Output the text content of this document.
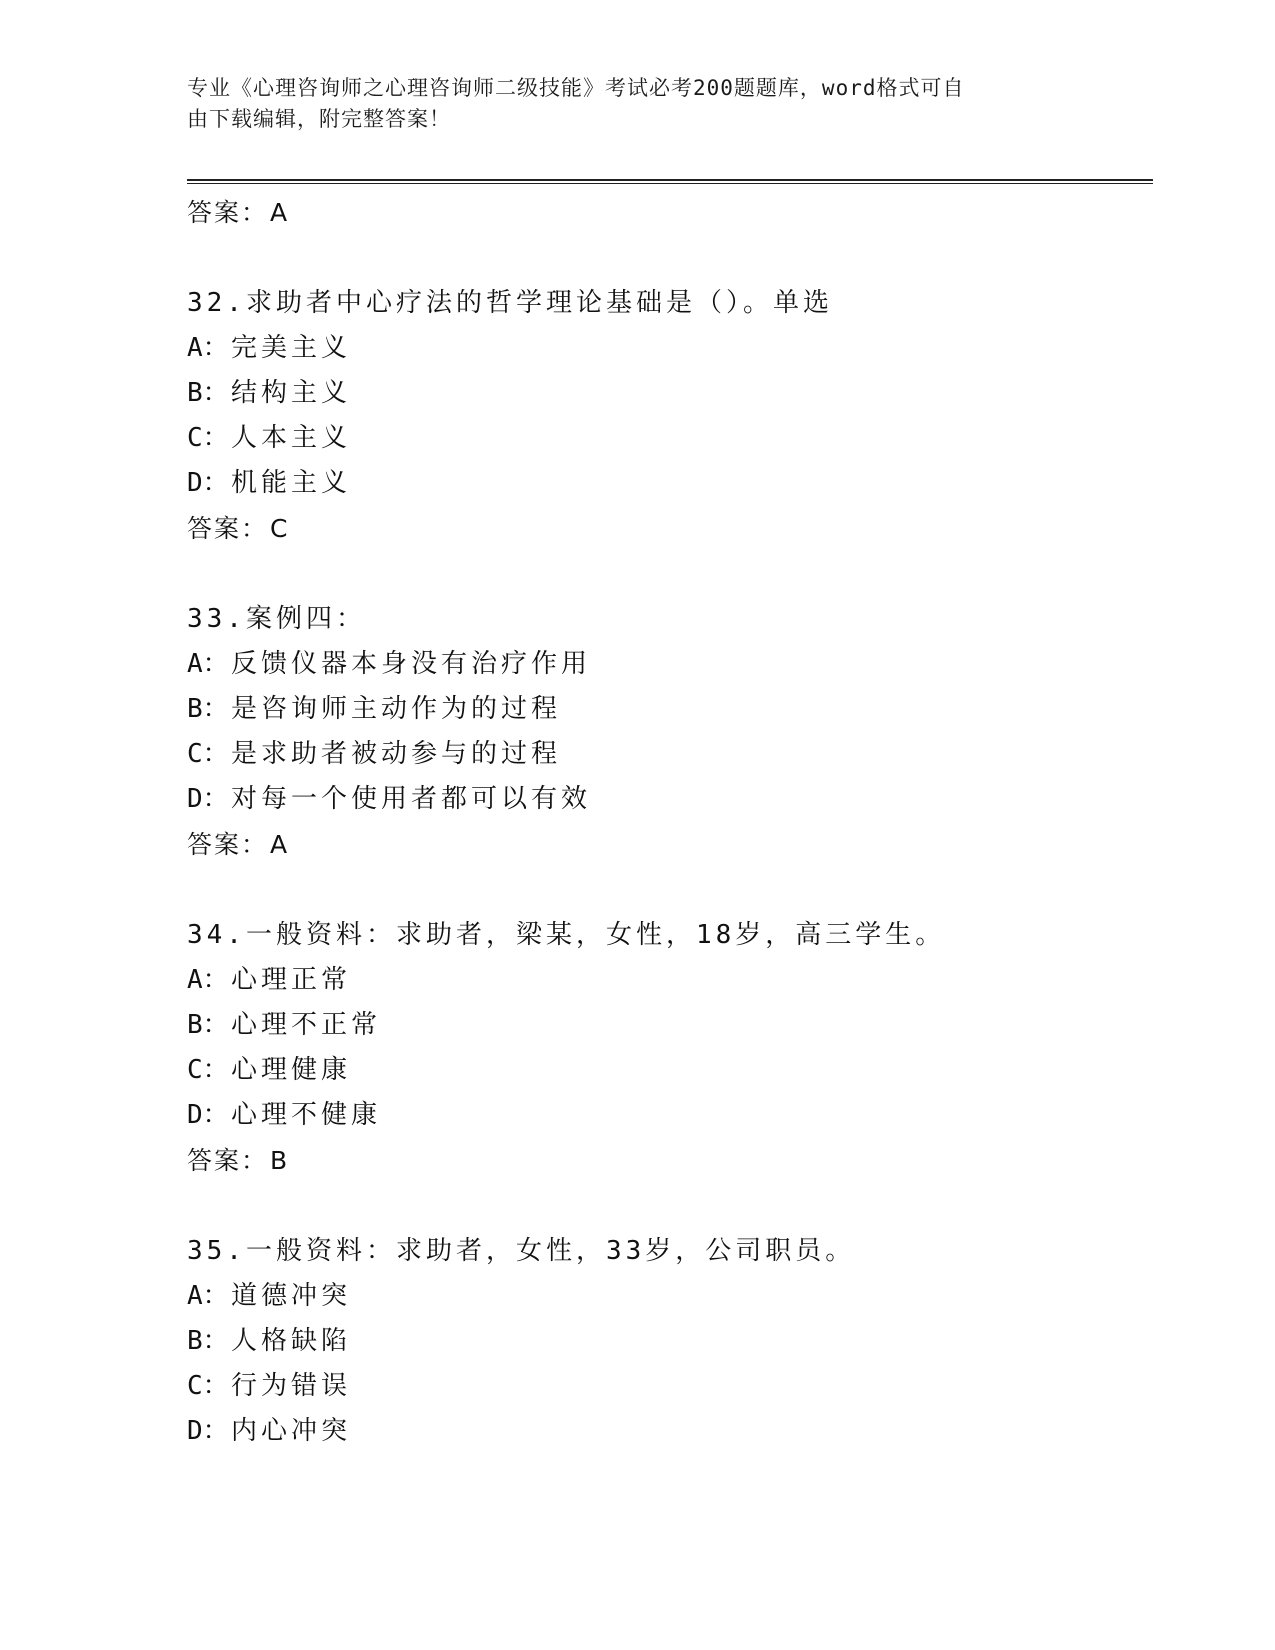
专业《心理咨询师之心理咨询师二级技能》考试必考200题题库，word格式可自
由下载编辑，附完整答案！
答案：A
32.求助者中心疗法的哲学理论基础是（）。单选
A：完美主义
B：结构主义
C：人本主义
D：机能主义
答案：C
33.案例四：
A：反馈仪器本身没有治疗作用
B：是咨询师主动作为的过程
C：是求助者被动参与的过程
D：对每一个使用者都可以有效
答案：A
34.一般资料：求助者，梁某，女性，18岁，高三学生。
A：心理正常
B：心理不正常
C：心理健康
D：心理不健康
答案：B
35.一般资料：求助者，女性，33岁，公司职员。
A：道德冲突
B：人格缺陷
C：行为错误
D：内心冲突
